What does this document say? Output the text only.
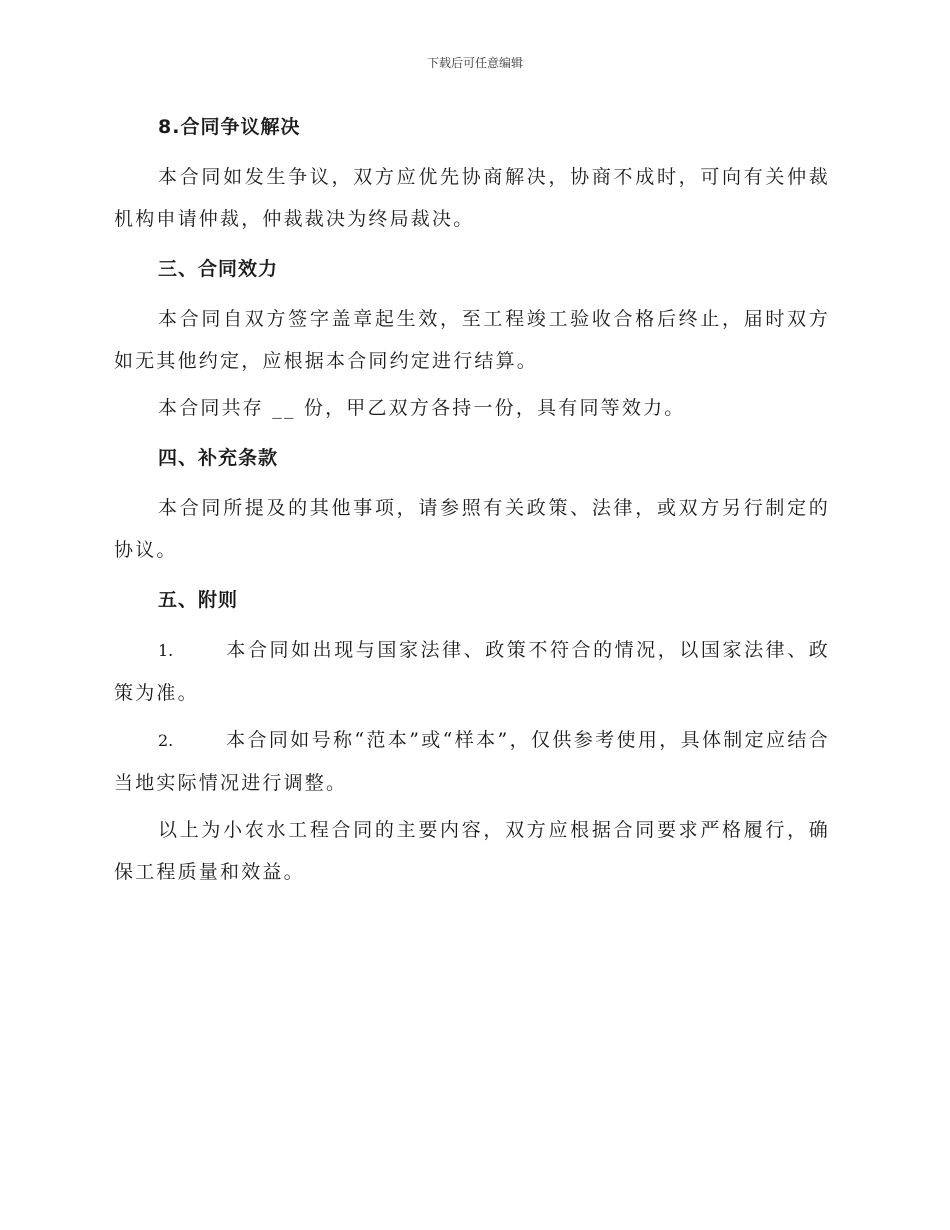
下载后可任意编辑
8.合同争议解决

本合同如发生争议，双方应优先协商解决，协商不成时，可向有关仲裁机构申请仲裁，仲裁裁决为终局裁决。

三、合同效力

本合同自双方签字盖章起生效，至工程竣工验收合格后终止，届时双方如无其他约定，应根据本合同约定进行结算。

本合同共存 __ 份，甲乙双方各持一份，具有同等效力。

四、补充条款

本合同所提及的其他事项，请参照有关政策、法律，或双方另行制定的协议。

五、附则

1.	本合同如出现与国家法律、政策不符合的情况，以国家法律、政策为准。

2.	本合同如号称“范本”或“样本”，仅供参考使用，具体制定应结合当地实际情况进行调整。

以上为小农水工程合同的主要内容，双方应根据合同要求严格履行，确保工程质量和效益。
